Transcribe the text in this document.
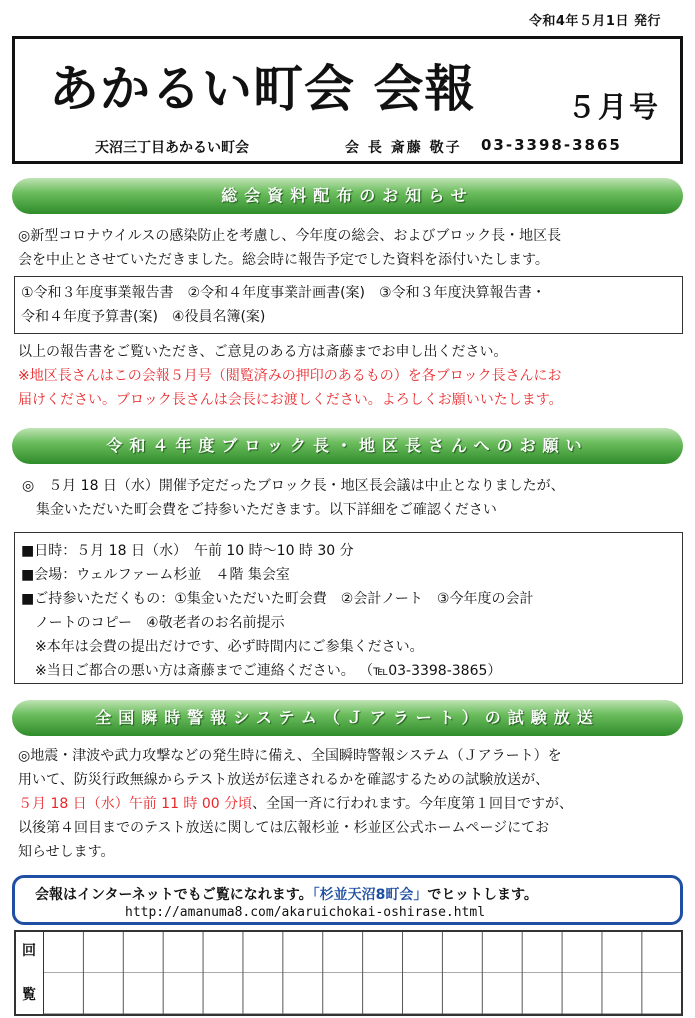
令和4年５月1日 発行
あかるい町会 会報	５月号
天沼三丁目あかるい町会	会 長 斎藤 敬子 03-3398-3865
総会資料配布のお知らせ
◎新型コロナウイルスの感染防止を考慮し、今年度の総会、およびブロック長・地区長
会を中止とさせていただきました。総会時に報告予定でした資料を添付いたします。
①令和３年度事業報告書　②令和４年度事業計画書(案)　③令和３年度決算報告書・
令和４年度予算書(案)　④役員名簿(案)
以上の報告書をご覧いただき、ご意見のある方は斎藤までお申し出ください。
※地区長さんはこの会報５月号（閲覧済みの押印のあるもの）を各ブロック長さんにお
届けください。ブロック長さんは会長にお渡しください。よろしくお願いいたします。
令和４年度ブロック長・地区長さんへのお願い
◎　５月 18 日（水）開催予定だったブロック長・地区長会議は中止となりましたが、
　集金いただいた町会費をご持参いただきます。以下詳細をご確認ください
■日時：５月 18 日（水）　午前 10 時～10 時 30 分
■会場：ウェルファーム杉並　４階 集会室
■ご持参いただくもの：①集金いただいた町会費　②会計ノート　③今年度の会計
　ノートのコピー　④敬老者のお名前提示
　※本年は会費の提出だけです、必ず時間内にご参集ください。
　※当日ご都合の悪い方は斎藤までご連絡ください。 （℡03-3398-3865）
全国瞬時警報システム（Ｊアラート）の試験放送
◎地震・津波や武力攻撃などの発生時に備え、全国瞬時警報システム（Ｊアラート）を
用いて、防災行政無線からテスト放送が伝達されるかを確認するための試験放送が、
５月 18 日（水）午前 11 時 00 分頃、全国一斉に行われます。今年度第１回目ですが、
以後第４回目までのテスト放送に関しては広報杉並・杉並区公式ホームページにてお
知らせします。
会報はインターネットでもご覧になれます。「杉並天沼8町会」でヒットします。
http://amanuma8.com/akaruichokai-oshirase.html
回
覧
